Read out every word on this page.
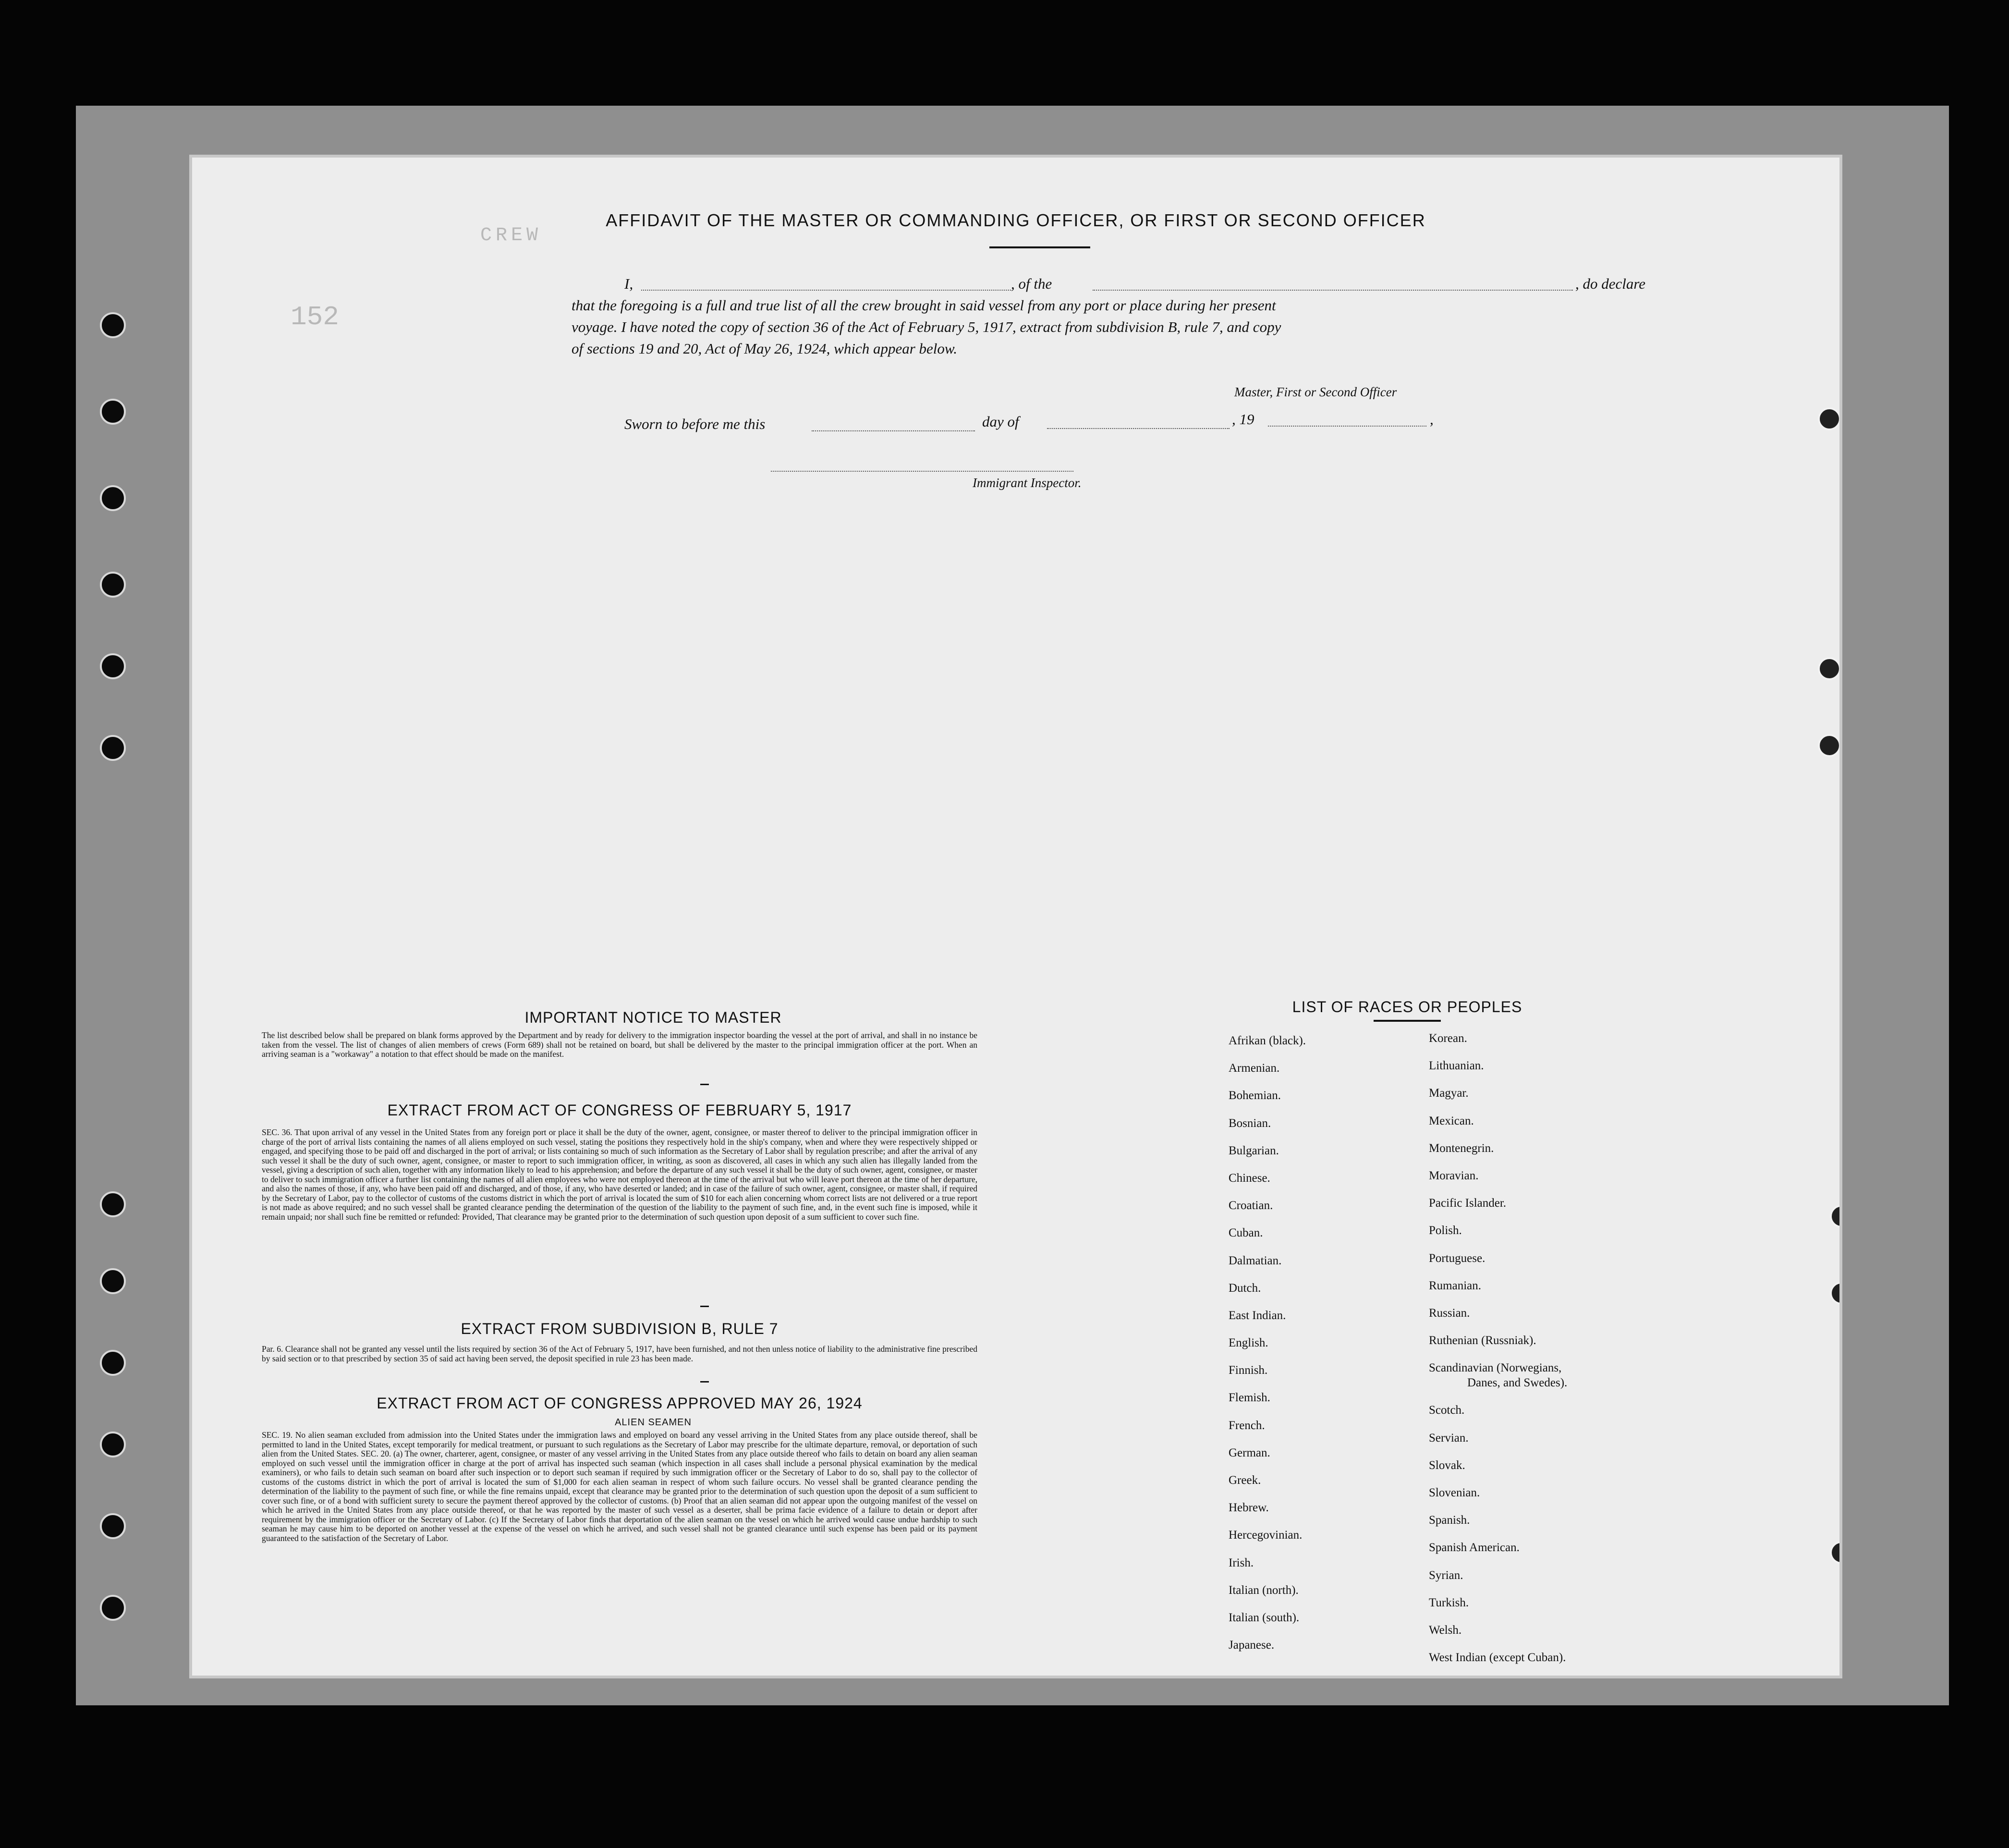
152
CREW
AFFIDAVIT OF THE MASTER OR COMMANDING OFFICER, OR FIRST OR SECOND OFFICER
I,	, of the	, do declare
that the foregoing is a full and true list of all the crew brought in said vessel from any port or place during her present
voyage. I have noted the copy of section 36 of the Act of February 5, 1917, extract from subdivision B, rule 7, and copy
of sections 19 and 20, Act of May 26, 1924, which appear below.
Master, First or Second Officer
Sworn to before me this	day of	, 19	,
Immigrant Inspector.
IMPORTANT NOTICE TO MASTER
The list described below shall be prepared on blank forms approved by the Department and by ready for delivery to the immigration inspector boarding the vessel at the port of arrival, and shall in no instance be taken from the vessel. The list of changes of alien members of crews (Form 689) shall not be retained on board, but shall be delivered by the master to the principal immigration officer at the port. When an arriving seaman is a "workaway" a notation to that effect should be made on the manifest.
EXTRACT FROM ACT OF CONGRESS OF FEBRUARY 5, 1917
SEC. 36. That upon arrival of any vessel in the United States from any foreign port or place it shall be the duty of the owner, agent, consignee, or master thereof to deliver to the principal immigration officer in charge of the port of arrival lists containing the names of all aliens employed on such vessel, stating the positions they respectively hold in the ship's company, when and where they were respectively shipped or engaged, and specifying those to be paid off and discharged in the port of arrival; or lists containing so much of such information as the Secretary of Labor shall by regulation prescribe; and after the arrival of any such vessel it shall be the duty of such owner, agent, consignee, or master to report to such immigration officer, in writing, as soon as discovered, all cases in which any such alien has illegally landed from the vessel, giving a description of such alien, together with any information likely to lead to his apprehension; and before the departure of any such vessel it shall be the duty of such owner, agent, consignee, or master to deliver to such immigration officer a further list containing the names of all alien employees who were not employed thereon at the time of the arrival but who will leave port thereon at the time of her departure, and also the names of those, if any, who have been paid off and discharged, and of those, if any, who have deserted or landed; and in case of the failure of such owner, agent, consignee, or master shall, if required by the Secretary of Labor, pay to the collector of customs of the customs district in which the port of arrival is located the sum of $10 for each alien concerning whom correct lists are not delivered or a true report is not made as above required; and no such vessel shall be granted clearance pending the determination of the question of the liability to the payment of such fine, and, in the event such fine is imposed, while it remain unpaid; nor shall such fine be remitted or refunded: Provided, That clearance may be granted prior to the determination of such question upon deposit of a sum sufficient to cover such fine.
EXTRACT FROM SUBDIVISION B, RULE 7
Par. 6. Clearance shall not be granted any vessel until the lists required by section 36 of the Act of February 5, 1917, have been furnished, and not then unless notice of liability to the administrative fine prescribed by said section or to that prescribed by section 35 of said act having been served, the deposit specified in rule 23 has been made.
EXTRACT FROM ACT OF CONGRESS APPROVED MAY 26, 1924
ALIEN SEAMEN
SEC. 19. No alien seaman excluded from admission into the United States under the immigration laws and employed on board any vessel arriving in the United States from any place outside thereof, shall be permitted to land in the United States, except temporarily for medical treatment, or pursuant to such regulations as the Secretary of Labor may prescribe for the ultimate departure, removal, or deportation of such alien from the United States. SEC. 20. (a) The owner, charterer, agent, consignee, or master of any vessel arriving in the United States from any place outside thereof who fails to detain on board any alien seaman employed on such vessel until the immigration officer in charge at the port of arrival has inspected such seaman (which inspection in all cases shall include a personal physical examination by the medical examiners), or who fails to detain such seaman on board after such inspection or to deport such seaman if required by such immigration officer or the Secretary of Labor to do so, shall pay to the collector of customs of the customs district in which the port of arrival is located the sum of $1,000 for each alien seaman in respect of whom such failure occurs. No vessel shall be granted clearance pending the determination of the liability to the payment of such fine, or while the fine remains unpaid, except that clearance may be granted prior to the determination of such question upon the deposit of a sum sufficient to cover such fine, or of a bond with sufficient surety to secure the payment thereof approved by the collector of customs. (b) Proof that an alien seaman did not appear upon the outgoing manifest of the vessel on which he arrived in the United States from any place outside thereof, or that he was reported by the master of such vessel as a deserter, shall be prima facie evidence of a failure to detain or deport after requirement by the immigration officer or the Secretary of Labor. (c) If the Secretary of Labor finds that deportation of the alien seaman on the vessel on which he arrived would cause undue hardship to such seaman he may cause him to be deported on another vessel at the expense of the vessel on which he arrived, and such vessel shall not be granted clearance until such expense has been paid or its payment guaranteed to the satisfaction of the Secretary of Labor.
LIST OF RACES OR PEOPLES
Afrikan (black).
Armenian.
Bohemian.
Bosnian.
Bulgarian.
Chinese.
Croatian.
Cuban.
Dalmatian.
Dutch.
East Indian.
English.
Finnish.
Flemish.
French.
German.
Greek.
Hebrew.
Hercegovinian.
Irish.
Italian (north).
Italian (south).
Japanese.
Korean.
Lithuanian.
Magyar.
Mexican.
Montenegrin.
Moravian.
Pacific Islander.
Polish.
Portuguese.
Rumanian.
Russian.
Ruthenian (Russniak).
Scandinavian (Norwegians,
Danes, and Swedes).
Scotch.
Servian.
Slovak.
Slovenian.
Spanish.
Spanish American.
Syrian.
Turkish.
Welsh.
West Indian (except Cuban).
